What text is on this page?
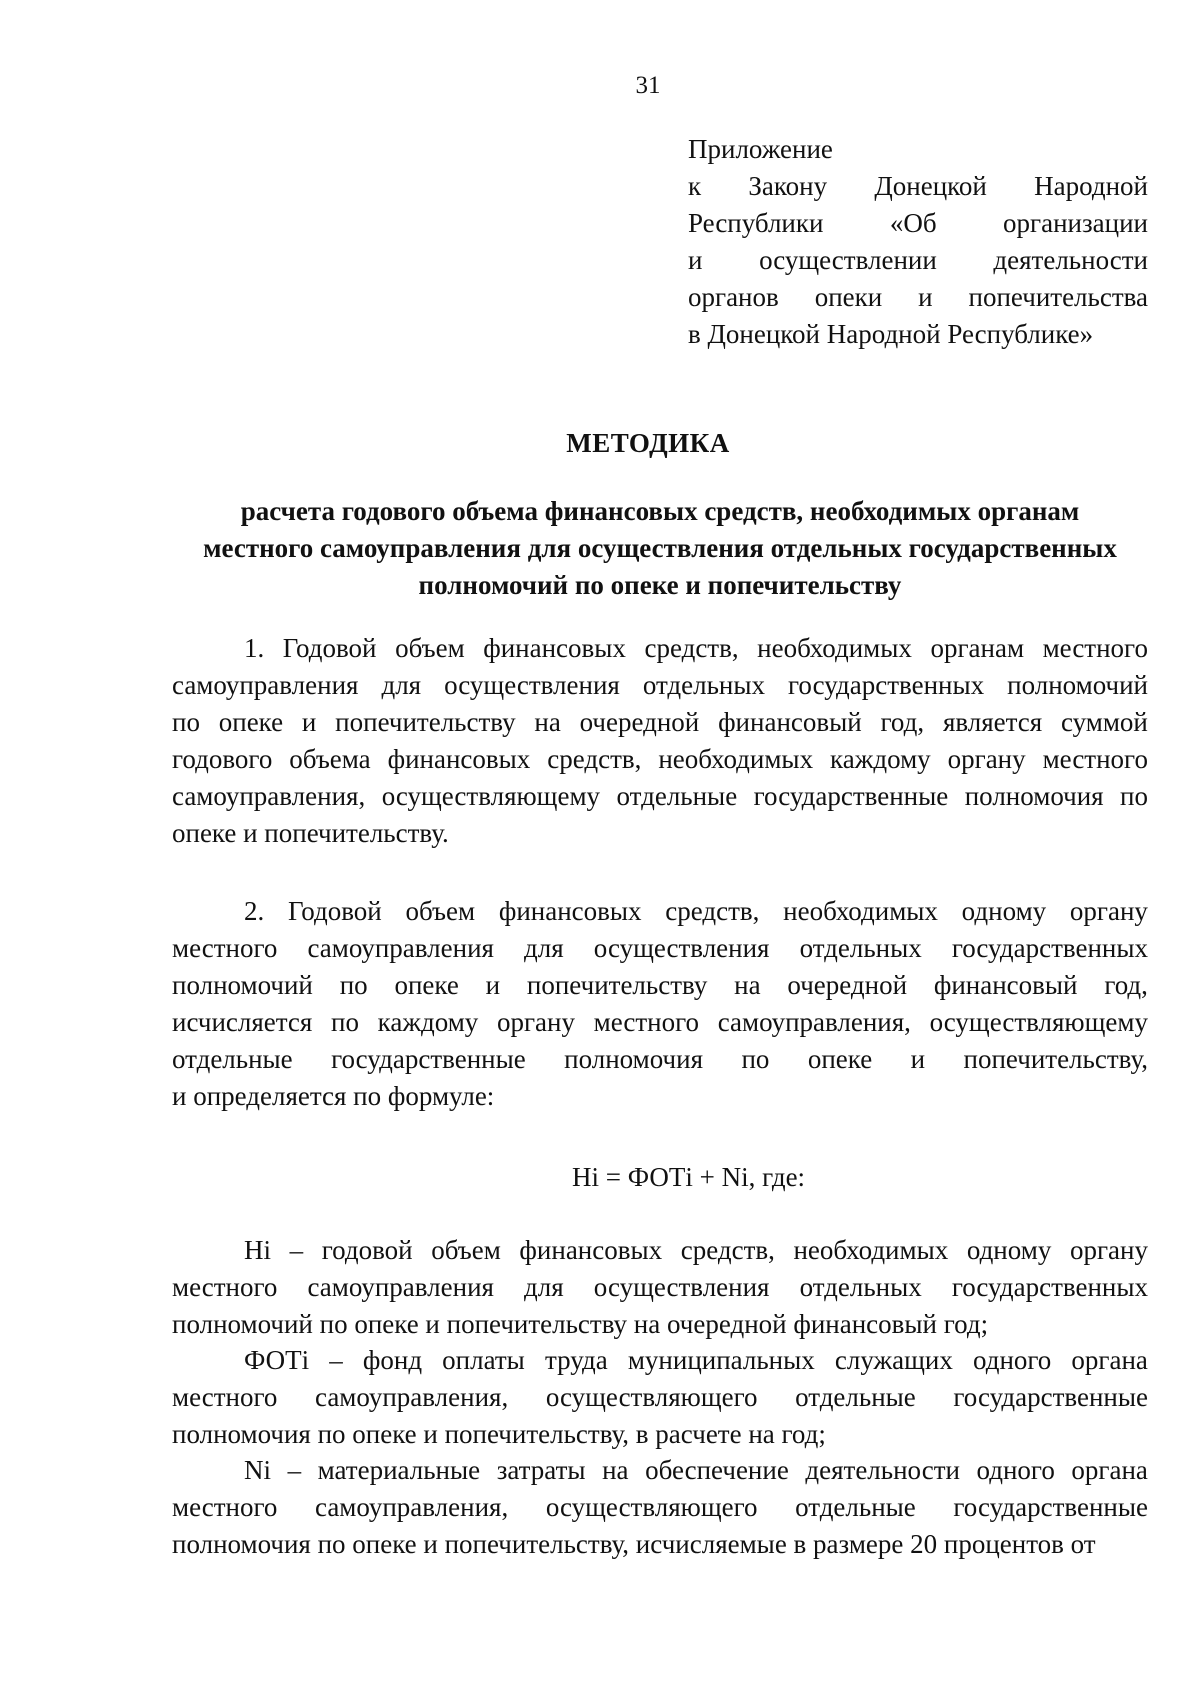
31
Приложение
к Закону Донецкой Народной
Республики «Об организации
и осуществлении деятельности
органов опеки и попечительства
в Донецкой Народной Республике»
МЕТОДИКА
расчета годового объема финансовых средств, необходимых органам
местного самоуправления для осуществления отдельных государственных
полномочий по опеке и попечительству
1. Годовой объем финансовых средств, необходимых органам местного
самоуправления для осуществления отдельных государственных полномочий
по опеке и попечительству на очередной финансовый год, является суммой
годового объема финансовых средств, необходимых каждому органу местного
самоуправления, осуществляющему отдельные государственные полномочия по
опеке и попечительству.
2. Годовой объем финансовых средств, необходимых одному органу
местного самоуправления для осуществления отдельных государственных
полномочий по опеке и попечительству на очередной финансовый год,
исчисляется по каждому органу местного самоуправления, осуществляющему
отдельные государственные полномочия по опеке и попечительству,
и определяется по формуле:
Нi = ФОТi + Ni, где:
Нi – годовой объем финансовых средств, необходимых одному органу
местного самоуправления для осуществления отдельных государственных
полномочий по опеке и попечительству на очередной финансовый год;
ФОТi – фонд оплаты труда муниципальных служащих одного органа
местного самоуправления, осуществляющего отдельные государственные
полномочия по опеке и попечительству, в расчете на год;
Ni – материальные затраты на обеспечение деятельности одного органа
местного самоуправления, осуществляющего отдельные государственные
полномочия по опеке и попечительству, исчисляемые в размере 20 процентов от
